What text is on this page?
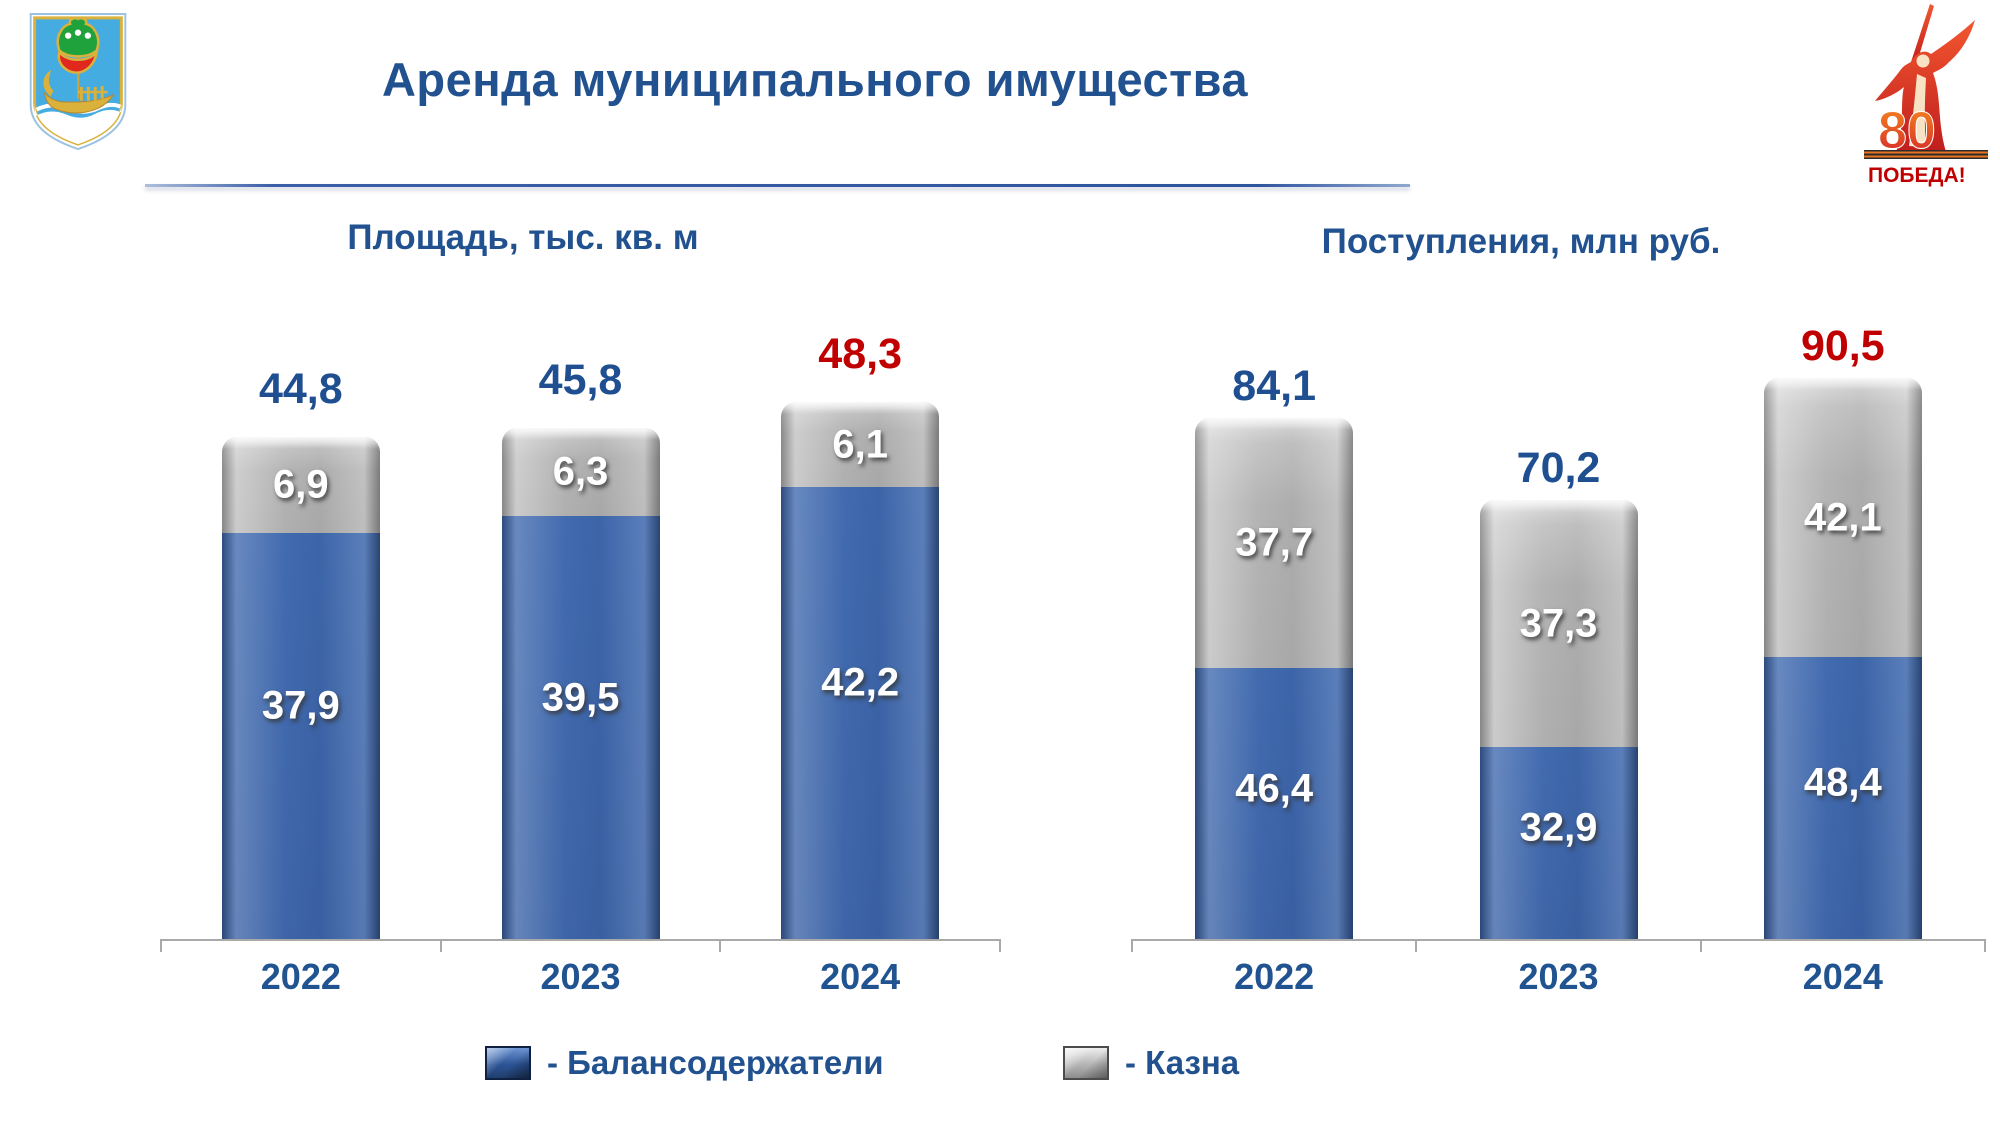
Аренда муниципального имущества
80
ПОБЕДА!
Площадь, тыс. кв. м	Поступления, млн руб.
6,9
37,9
44,8
2022
6,3
39,5
45,8
2023
6,1
42,2
48,3
2024
37,7
46,4
84,1
2022
37,3
32,9
70,2
2023
42,1
48,4
90,5
2024
- Балансодержатели	- Казна
